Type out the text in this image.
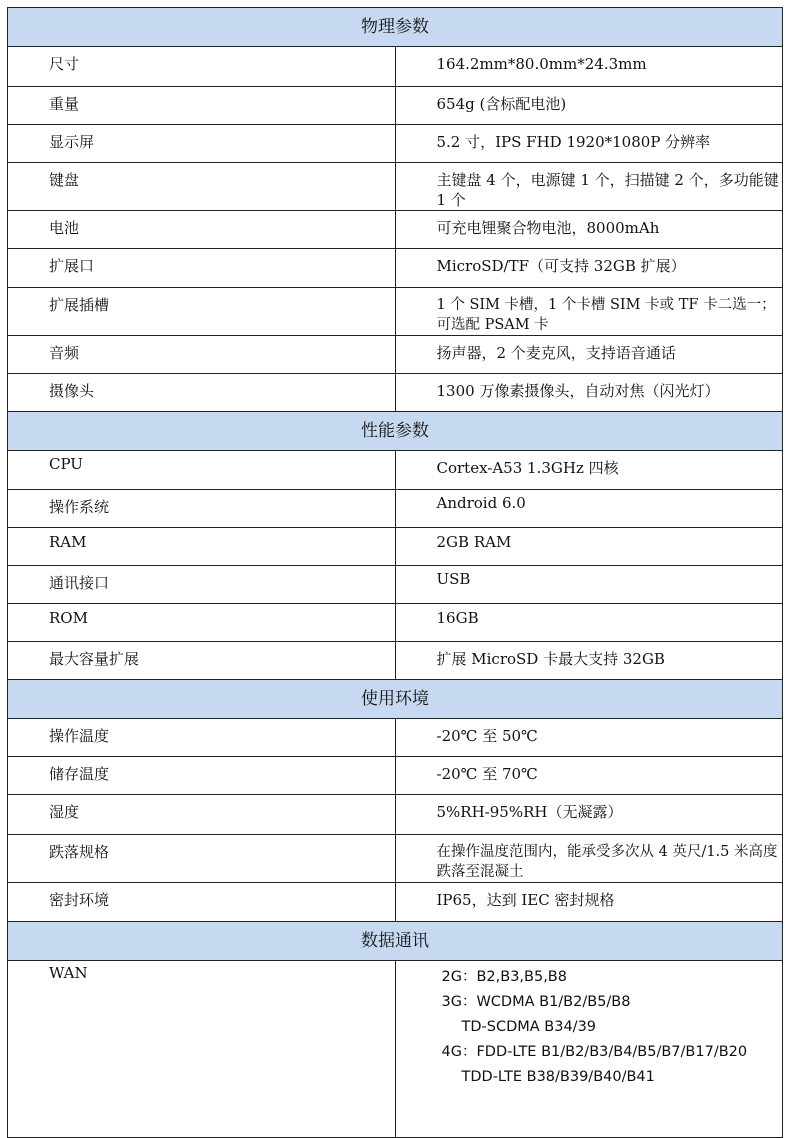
物理参数	
尺寸	164.2mm*80.0mm*24.3mm
重量	654g (含标配电池)
显示屏	5.2 寸，IPS FHD 1920*1080P 分辨率
键盘	主键盘 4 个，电源键 1 个，扫描键 2 个，多功能键 1 个
电池	可充电锂聚合物电池，8000mAh
扩展口	MicroSD/TF（可支持 32GB 扩展）
扩展插槽	1 个 SIM 卡槽，1 个卡槽 SIM 卡或 TF 卡二选一；可选配 PSAM 卡
音频	扬声器，2 个麦克风，支持语音通话
摄像头	1300 万像素摄像头，自动对焦（闪光灯）
性能参数	
CPU	Cortex-A53 1.3GHz 四核
操作系统	Android 6.0
RAM	2GB RAM
通讯接口	USB
ROM	16GB
最大容量扩展	扩展 MicroSD 卡最大支持 32GB
使用环境	
操作温度	-20℃ 至 50℃
储存温度	-20℃ 至 70℃
湿度	5%RH-95%RH（无凝露）
跌落规格	在操作温度范围内，能承受多次从 4 英尺/1.5 米高度跌落至混凝土
密封环境	IP65，达到 IEC 密封规格
数据通讯	
WAN	2G：B2,B3,B5,B8
3G：WCDMA B1/B2/B5/B8
TD-SCDMA B34/39
4G：FDD-LTE B1/B2/B3/B4/B5/B7/B17/B20
TDD-LTE B38/B39/B40/B41
